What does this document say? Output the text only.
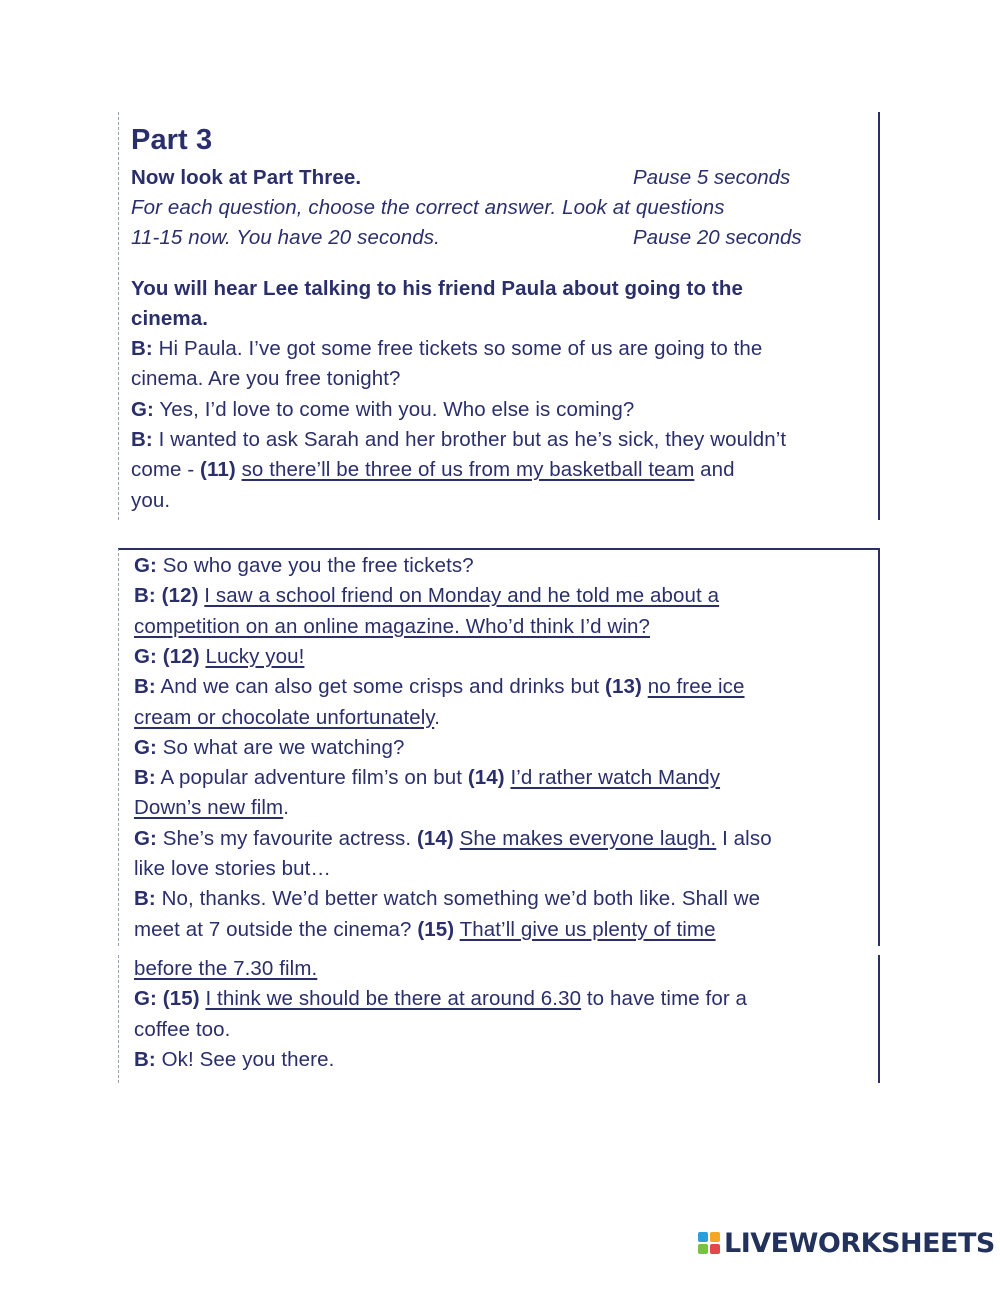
Part 3
Now look at Part Three.	Pause 5 seconds
For each question, choose the correct answer. Look at questions
11-15 now. You have 20 seconds.	Pause 20 seconds
You will hear Lee talking to his friend Paula about going to the
cinema.
B: Hi Paula. I’ve got some free tickets so some of us are going to the
cinema. Are you free tonight?
G: Yes, I’d love to come with you. Who else is coming?
B: I wanted to ask Sarah and her brother but as he’s sick, they wouldn’t
come - (11) so there’ll be three of us from my basketball team and
you.
G: So who gave you the free tickets?
B: (12) I saw a school friend on Monday and he told me about a
competition on an online magazine. Who’d think I’d win?
G: (12) Lucky you!
B: And we can also get some crisps and drinks but (13) no free ice
cream or chocolate unfortunately.
G: So what are we watching?
B: A popular adventure film’s on but (14) I’d rather watch Mandy
Down’s new film.
G: She’s my favourite actress. (14) She makes everyone laugh. I also
like love stories but…
B: No, thanks. We’d better watch something we’d both like. Shall we
meet at 7 outside the cinema? (15) That’ll give us plenty of time
before the 7.30 film.
G: (15) I think we should be there at around 6.30 to have time for a
coffee too.
B: Ok! See you there.
LIVEWORKSHEETS
